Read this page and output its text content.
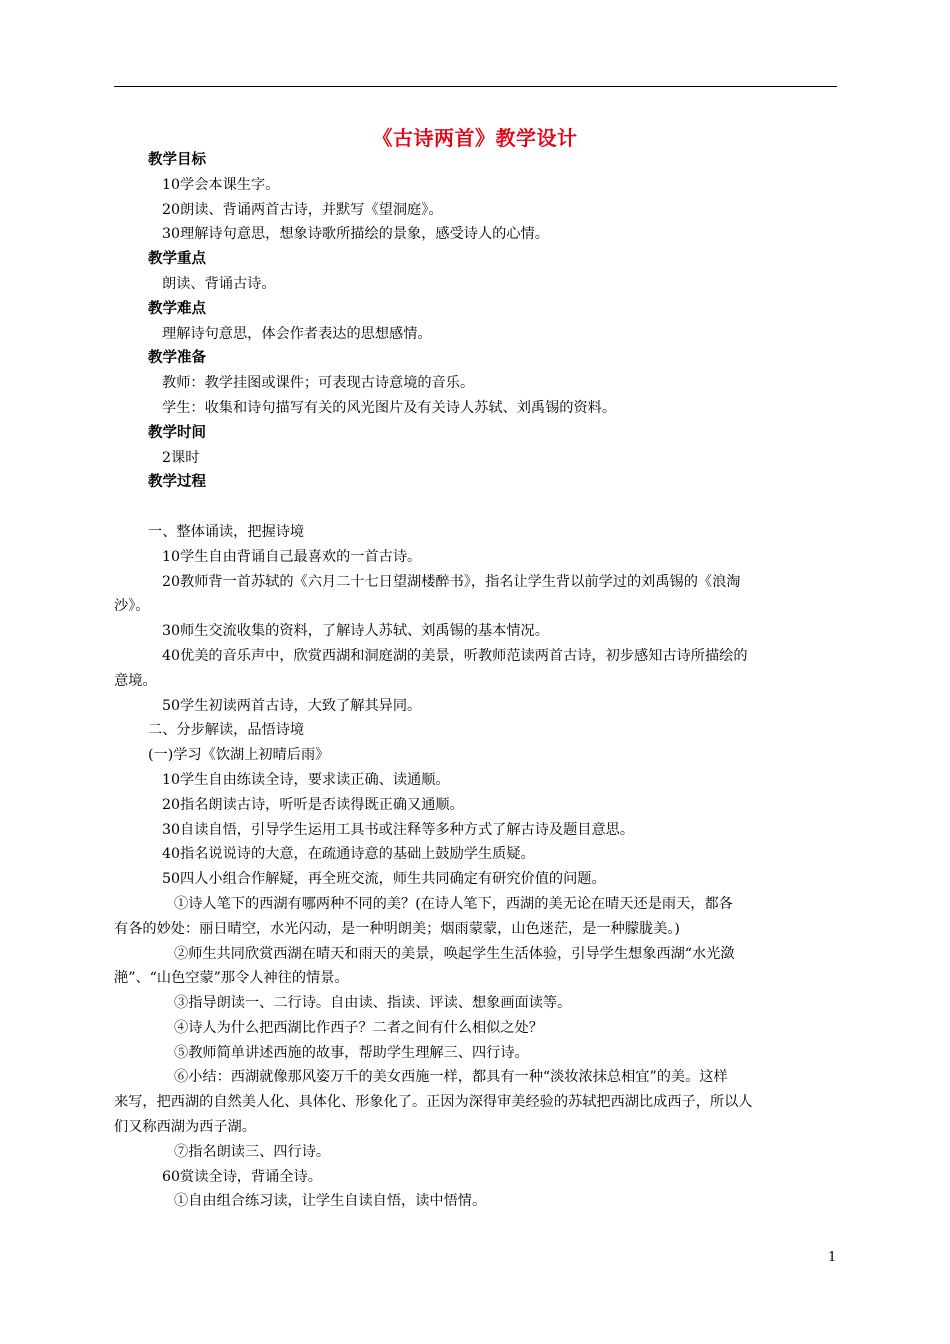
《古诗两首》教学设计
教学目标
10学会本课生字。
20朗读、背诵两首古诗，并默写《望洞庭》。
30理解诗句意思，想象诗歌所描绘的景象，感受诗人的心情。
教学重点
朗读、背诵古诗。
教学难点
理解诗句意思，体会作者表达的思想感情。
教学准备
教师：教学挂图或课件；可表现古诗意境的音乐。
学生：收集和诗句描写有关的风光图片及有关诗人苏轼、刘禹锡的资料。
教学时间
2课时
教学过程
一、整体诵读，把握诗境
10学生自由背诵自己最喜欢的一首古诗。
20教师背一首苏轼的《六月二十七日望湖楼醉书》，指名让学生背以前学过的刘禹锡的《浪淘
沙》。
30师生交流收集的资料，了解诗人苏轼、刘禹锡的基本情况。
40优美的音乐声中，欣赏西湖和洞庭湖的美景，听教师范读两首古诗，初步感知古诗所描绘的
意境。
50学生初读两首古诗，大致了解其异同。
二、分步解读，品悟诗境
(一)学习《饮湖上初晴后雨》
10学生自由练读全诗，要求读正确、读通顺。
20指名朗读古诗，听听是否读得既正确又通顺。
30自读自悟，引导学生运用工具书或注释等多种方式了解古诗及题目意思。
40指名说说诗的大意，在疏通诗意的基础上鼓励学生质疑。
50四人小组合作解疑，再全班交流，师生共同确定有研究价值的问题。
①诗人笔下的西湖有哪两种不同的美？(在诗人笔下，西湖的美无论在晴天还是雨天，都各
有各的妙处：丽日晴空，水光闪动，是一种明朗美；烟雨蒙蒙，山色迷茫，是一种朦胧美。)
②师生共同欣赏西湖在晴天和雨天的美景，唤起学生生活体验，引导学生想象西湖“水光潋
滟”、“山色空蒙”那令人神往的情景。
③指导朗读一、二行诗。自由读、指读、评读、想象画面读等。
④诗人为什么把西湖比作西子？二者之间有什么相似之处？
⑤教师简单讲述西施的故事，帮助学生理解三、四行诗。
⑥小结：西湖就像那风姿万千的美女西施一样，都具有一种“淡妆浓抹总相宜”的美。这样
来写，把西湖的自然美人化、具体化、形象化了。正因为深得审美经验的苏轼把西湖比成西子，所以人
们又称西湖为西子湖。
⑦指名朗读三、四行诗。
60赏读全诗，背诵全诗。
①自由组合练习读，让学生自读自悟，读中悟情。
1
